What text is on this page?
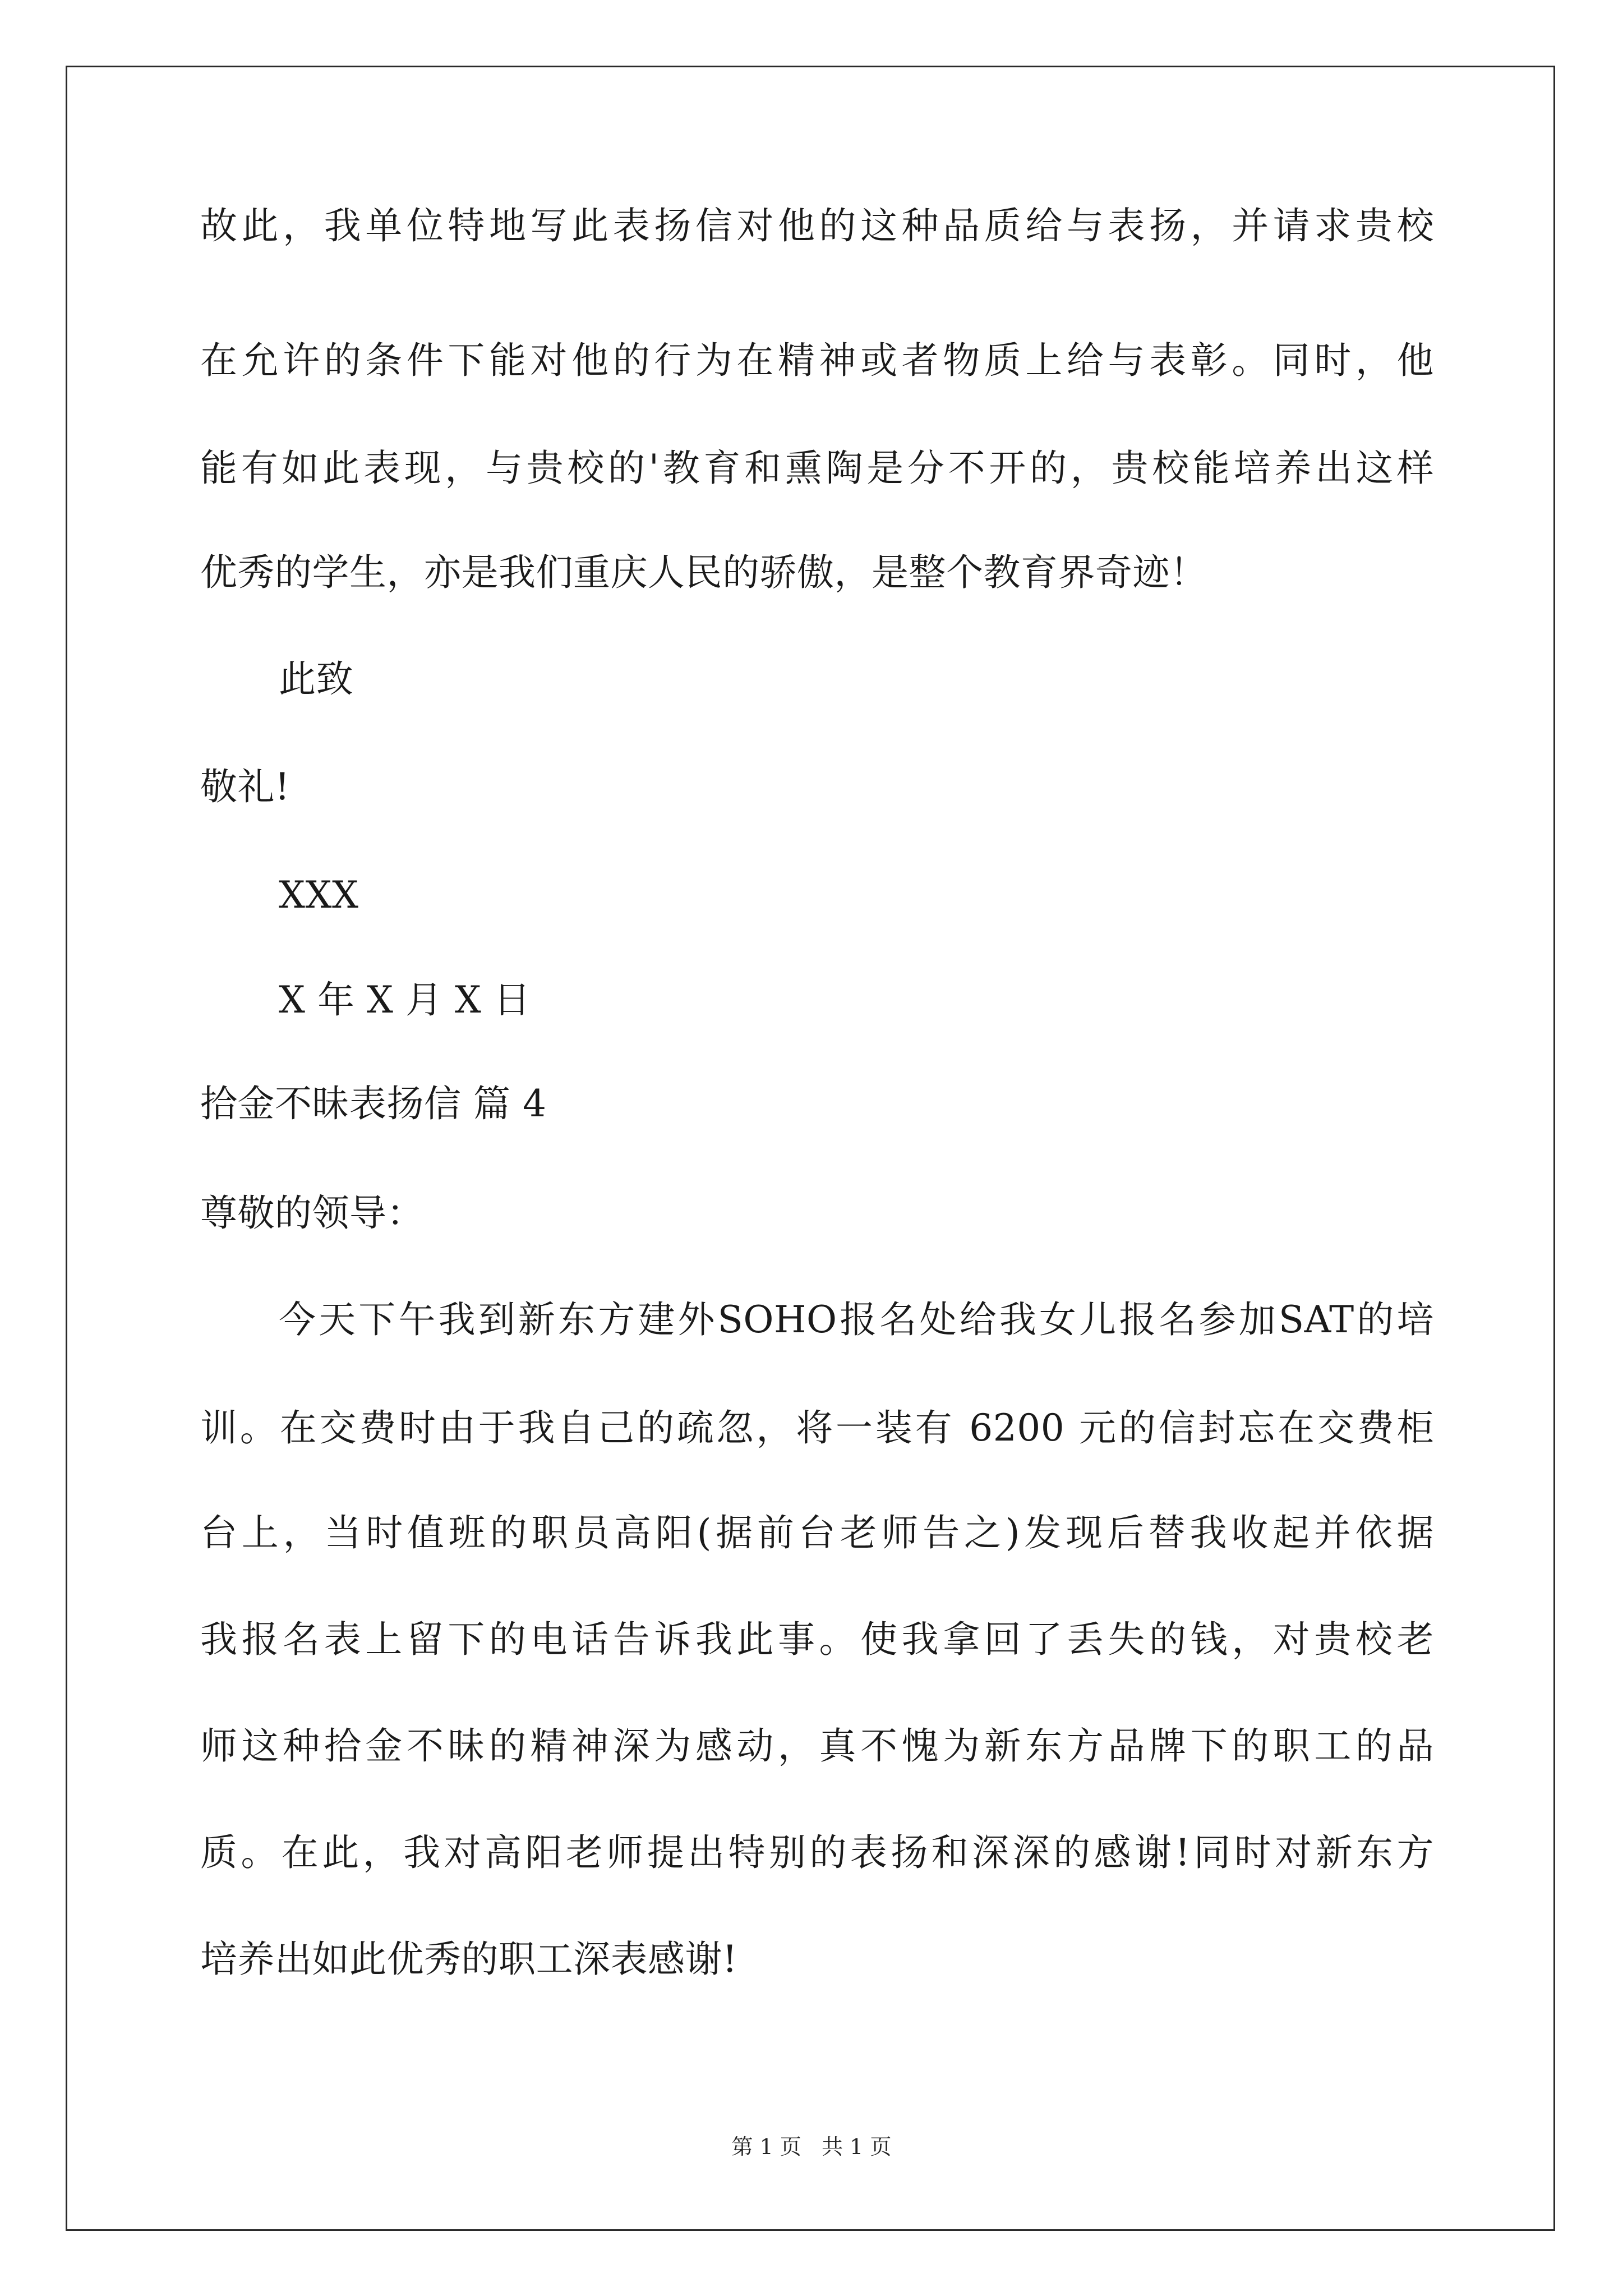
故此，我单位特地写此表扬信对他的这种品质给与表扬，并请求贵校
在允许的条件下能对他的行为在精神或者物质上给与表彰。同时，他
能有如此表现，与贵校的'教育和熏陶是分不开的，贵校能培养出这样
优秀的学生，亦是我们重庆人民的骄傲，是整个教育界奇迹！
此致
敬礼!
XXX
X 年 X 月 X 日
拾金不昧表扬信 篇 4
尊敬的领导：
今天下午我到新东方建外SOHO报名处给我女儿报名参加SAT的培
训。在交费时由于我自己的疏忽，将一装有 6200 元的信封忘在交费柜
台上，当时值班的职员高阳(据前台老师告之)发现后替我收起并依据
我报名表上留下的电话告诉我此事。使我拿回了丢失的钱，对贵校老
师这种拾金不昧的精神深为感动，真不愧为新东方品牌下的职工的品
质。在此，我对高阳老师提出特别的表扬和深深的感谢!同时对新东方
培养出如此优秀的职工深表感谢!
第 1 页   共 1 页
